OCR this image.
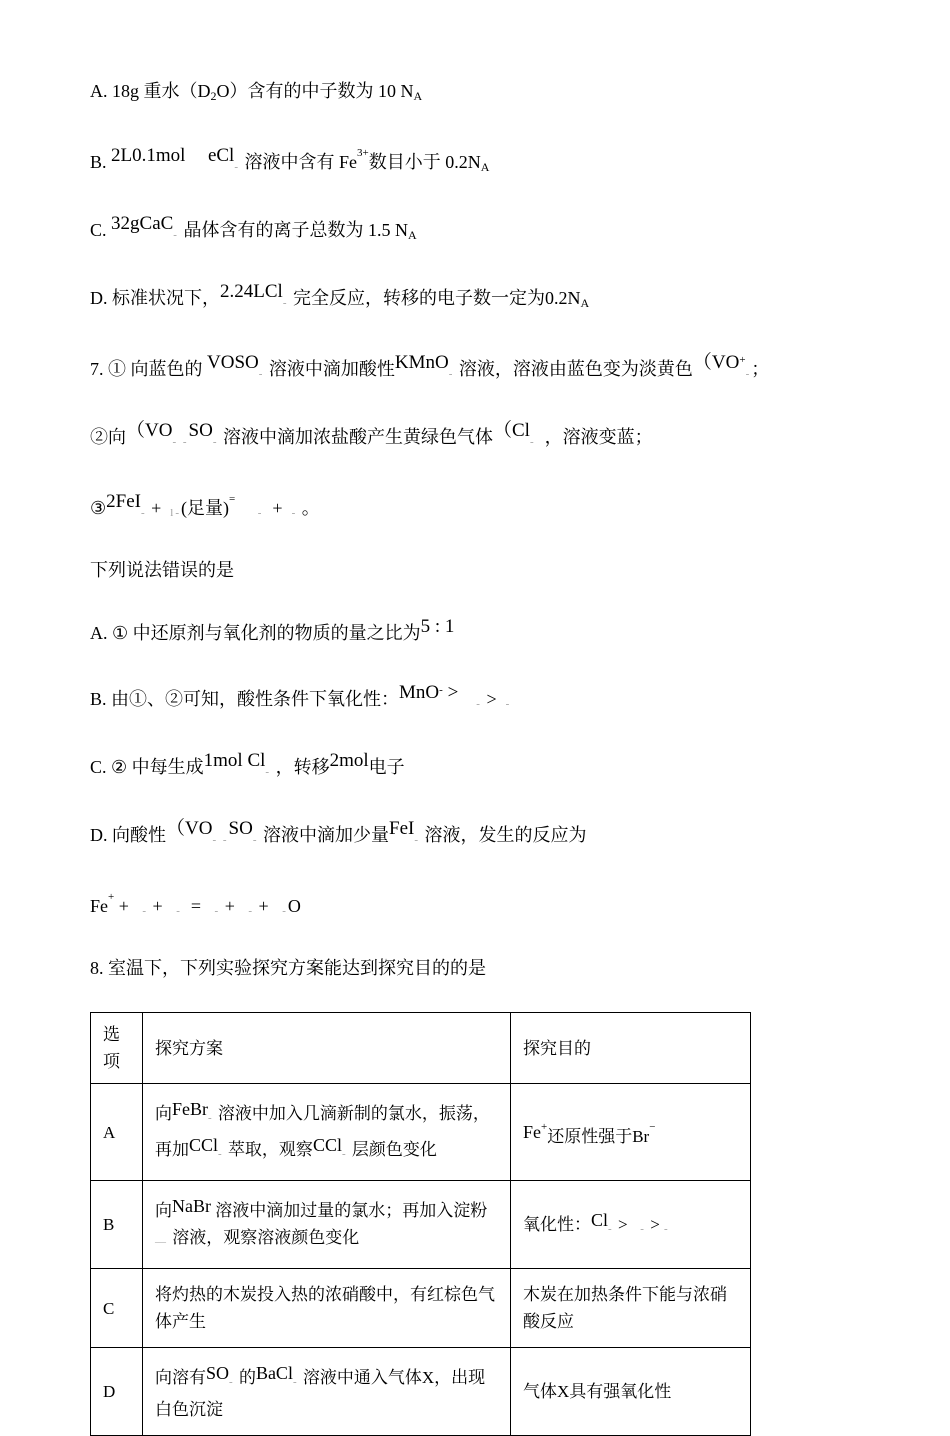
A. 18g 重水（D2O）含有的中子数为 10 NA
B. 2L0.1mol eCl- 溶液中含有 $Fe^{3+}$数目小于 0.2NA
C. 32gCaC- 晶体含有的离子总数为 1.5 NA
D. 标准状况下，2.24LCl- 完全反应，转移的电子数一定为0.2NA
7. ① 向蓝色的 VOSO- 溶液中滴加酸性KMnO- 溶液，溶液由蓝色变为淡黄色（VO+-；
②向（VO- -SO- 溶液中滴加浓盐酸产生黄绿色气体（Cl-  ，溶液变蓝；
③2FeI- +  l-(足量)=     -  +  - 。
下列说法错误的是
A. ① 中还原剂与氧化剂的物质的量之比为5 : 1
B. 由①、②可知，酸性条件下氧化性：MnO- >    - >  -
C. ② 中每生成1mol Cl- ，转移2mol电子
D. 向酸性（VO- -SO- 溶液中滴加少量FeI- 溶液，发生的反应为
Fe+ +   - +   -  =   - +   - +   -O
8. 室温下，下列实验探究方案能达到探究目的的是
选项	探究方案	探究目的
A	向FeBr- 溶液中加入几滴新制的氯水，振荡，再加CCl- 萃取，观察CCl- 层颜色变化	Fe+还原性强于Br−
B	向NaBr 溶液中滴加过量的氯水；再加入淀粉— 溶液，观察溶液颜色变化	氧化性：Cl- >   - > -
C	将灼热的木炭投入热的浓硝酸中，有红棕色气体产生	木炭在加热条件下能与浓硝酸反应
D	向溶有SO- 的BaCl- 溶液中通入气体X，出现白色沉淀	气体X具有强氧化性
